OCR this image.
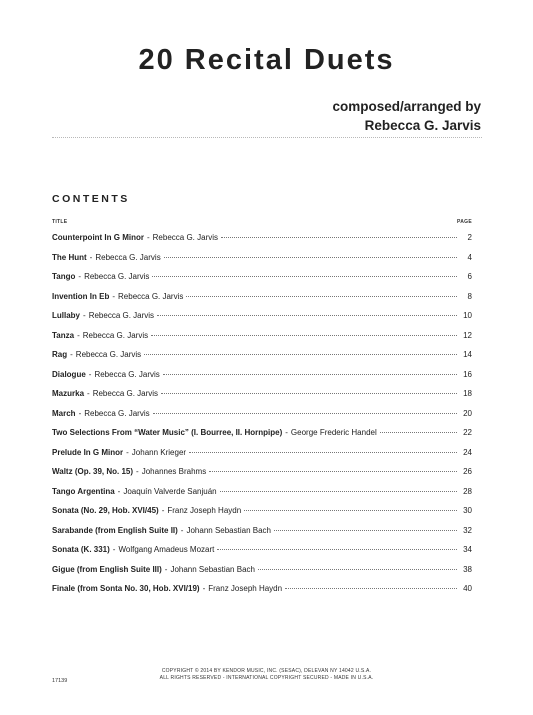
20 Recital Duets
composed/arranged by
Rebecca G. Jarvis
CONTENTS
TITLE	PAGE
Counterpoint In G Minor - Rebecca G. Jarvis	2
The Hunt - Rebecca G. Jarvis	4
Tango - Rebecca G. Jarvis	6
Invention In Eb - Rebecca G. Jarvis	8
Lullaby - Rebecca G. Jarvis	10
Tanza - Rebecca G. Jarvis	12
Rag - Rebecca G. Jarvis	14
Dialogue - Rebecca G. Jarvis	16
Mazurka - Rebecca G. Jarvis	18
March - Rebecca G. Jarvis	20
Two Selections From “Water Music” (I. Bourree, II. Hornpipe) - George Frederic Handel	22
Prelude In G Minor - Johann Krieger	24
Waltz (Op. 39, No. 15) - Johannes Brahms	26
Tango Argentina - Joaquín Valverde Sanjuán	28
Sonata (No. 29, Hob. XVI/45) - Franz Joseph Haydn	30
Sarabande (from English Suite II) - Johann Sebastian Bach	32
Sonata (K. 331) - Wolfgang Amadeus Mozart	34
Gigue (from English Suite III) - Johann Sebastian Bach	38
Finale (from Sonta No. 30, Hob. XVI/19) - Franz Joseph Haydn	40
COPYRIGHT © 2014 BY KENDOR MUSIC, INC. (SESAC), DELEVAN NY 14042 U.S.A.
ALL RIGHTS RESERVED - INTERNATIONAL COPYRIGHT SECURED - MADE IN U.S.A.
17139
